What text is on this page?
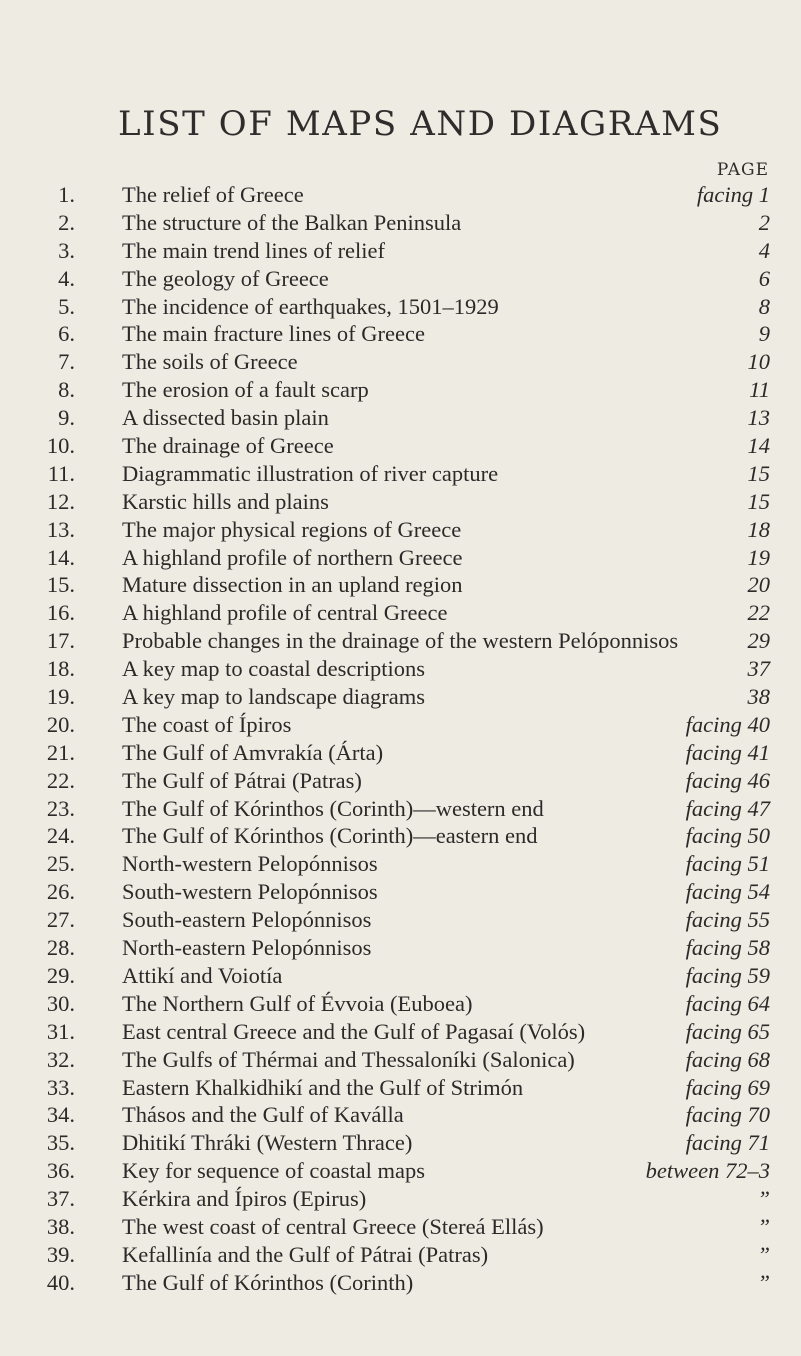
LIST OF MAPS AND DIAGRAMS
PAGE
1. The relief of Greece	facing 1
2. The structure of the Balkan Peninsula	2
3. The main trend lines of relief	4
4. The geology of Greece	6
5. The incidence of earthquakes, 1501–1929	8
6. The main fracture lines of Greece	9
7. The soils of Greece	10
8. The erosion of a fault scarp	11
9. A dissected basin plain	13
10. The drainage of Greece	14
11. Diagrammatic illustration of river capture	15
12. Karstic hills and plains	15
13. The major physical regions of Greece	18
14. A highland profile of northern Greece	19
15. Mature dissection in an upland region	20
16. A highland profile of central Greece	22
17. Probable changes in the drainage of the western Pelóponnisos	29
18. A key map to coastal descriptions	37
19. A key map to landscape diagrams	38
20. The coast of Ípiros	facing 40
21. The Gulf of Amvrakía (Árta)	facing 41
22. The Gulf of Pátrai (Patras)	facing 46
23. The Gulf of Kórinthos (Corinth)—western end	facing 47
24. The Gulf of Kórinthos (Corinth)—eastern end	facing 50
25. North-western Pelopónnisos	facing 51
26. South-western Pelopónnisos	facing 54
27. South-eastern Pelopónnisos	facing 55
28. North-eastern Pelopónnisos	facing 58
29. Attikí and Voiotía	facing 59
30. The Northern Gulf of Évvoia (Euboea)	facing 64
31. East central Greece and the Gulf of Pagasaí (Volós)	facing 65
32. The Gulfs of Thérmai and Thessaloníki (Salonica)	facing 68
33. Eastern Khalkidhikí and the Gulf of Strimón	facing 69
34. Thásos and the Gulf of Kaválla	facing 70
35. Dhitikí Thráki (Western Thrace)	facing 71
36. Key for sequence of coastal maps	between 72–3
37. Kérkira and Ípiros (Epirus)	”
38. The west coast of central Greece (Stereá Ellás)	”
39. Kefallinía and the Gulf of Pátrai (Patras)	”
40. The Gulf of Kórinthos (Corinth)	”
